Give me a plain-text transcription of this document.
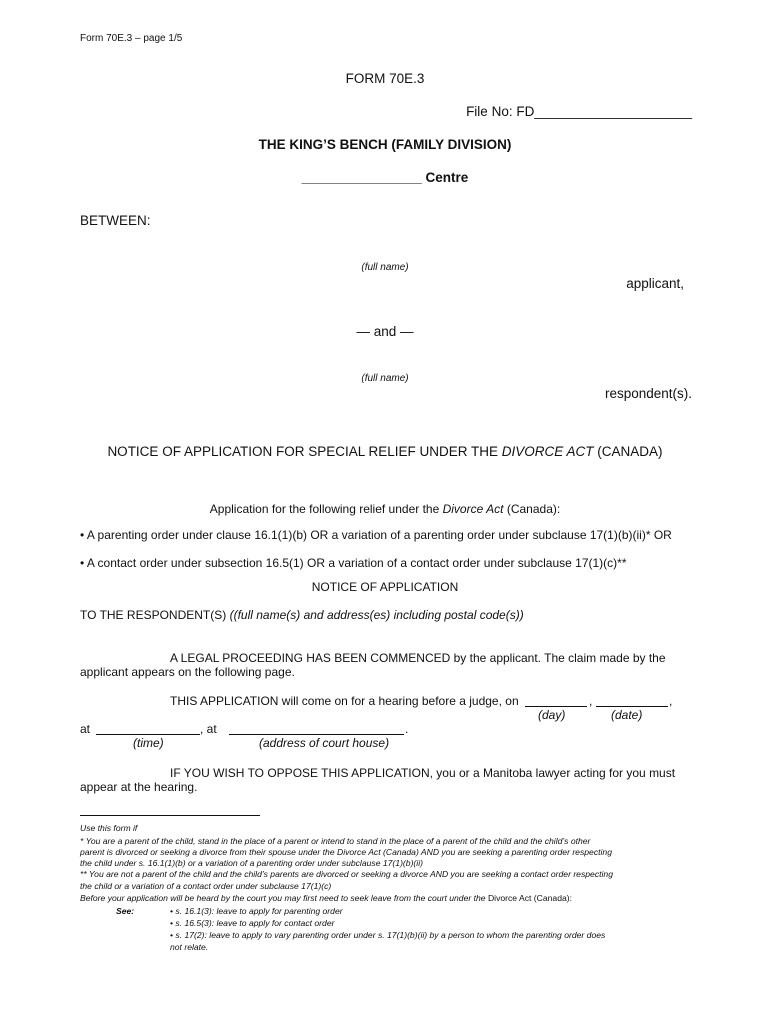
Form 70E.3 – page 1/5
FORM 70E.3
File No: FD_____________________
THE KING’S BENCH (FAMILY DIVISION)
________________ Centre
BETWEEN:
(full name)
applicant,
— and —
(full name)
respondent(s).
NOTICE OF APPLICATION FOR SPECIAL RELIEF UNDER THE DIVORCE ACT (CANADA)
Application for the following relief under the Divorce Act (Canada):
• A parenting order under clause 16.1(1)(b) OR a variation of a parenting order under subclause 17(1)(b)(ii)* OR
• A contact order under subsection 16.5(1) OR a variation of a contact order under subclause 17(1)(c)**
NOTICE OF APPLICATION
TO THE RESPONDENT(S) ((full name(s) and address(es) including postal code(s))
A LEGAL PROCEEDING HAS BEEN COMMENCED by the applicant. The claim made by the
applicant appears on the following page.
THIS APPLICATION will come on for a hearing before a judge, on	,	,
(day)	(date)
at	, at	.
(time)	(address of court house)
IF YOU WISH TO OPPOSE THIS APPLICATION, you or a Manitoba lawyer acting for you must
appear at the hearing.
Use this form if
* You are a parent of the child, stand in the place of a parent or intend to stand in the place of a parent of the child and the child’s other
parent is divorced or seeking a divorce from their spouse under the Divorce Act (Canada) AND you are seeking a parenting order respecting
the child under s. 16.1(1)(b) or a variation of a parenting order under subclause 17(1)(b)(ii)
** You are not a parent of the child and the child’s parents are divorced or seeking a divorce AND you are seeking a contact order respecting
the child or a variation of a contact order under subclause 17(1)(c)
Before your application will be heard by the court you may first need to seek leave from the court under the Divorce Act (Canada):
See:	• s. 16.1(3): leave to apply for parenting order
• s. 16.5(3): leave to apply for contact order
• s. 17(2): leave to apply to vary parenting order under s. 17(1)(b)(ii) by a person to whom the parenting order does
not relate.
